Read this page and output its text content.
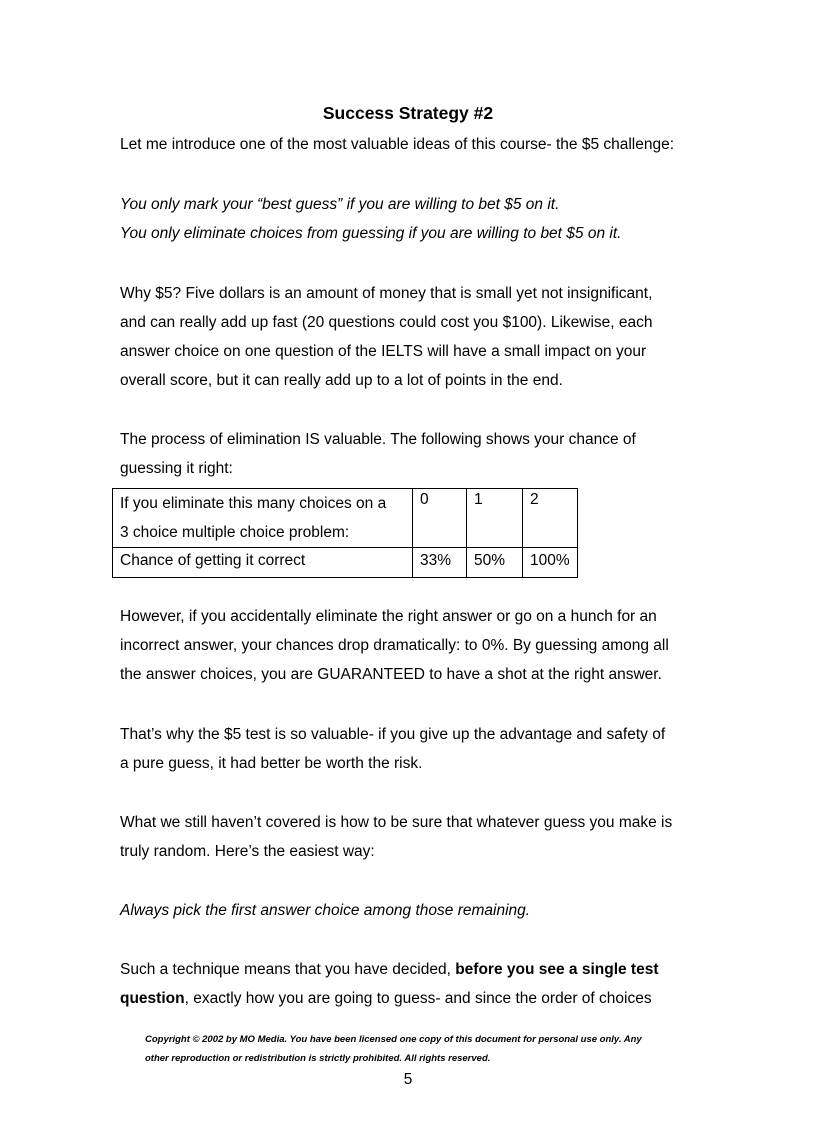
Success Strategy #2
Let me introduce one of the most valuable ideas of this course- the $5 challenge:
You only mark your “best guess” if you are willing to bet $5 on it.
You only eliminate choices from guessing if you are willing to bet $5 on it.
Why $5? Five dollars is an amount of money that is small yet not insignificant,
and can really add up fast (20 questions could cost you $100). Likewise, each
answer choice on one question of the IELTS will have a small impact on your
overall score, but it can really add up to a lot of points in the end.
The process of elimination IS valuable. The following shows your chance of
guessing it right:
If you eliminate this many choices on a
3 choice multiple choice problem:	0	1	2
Chance of getting it correct	33%	50%	100%
However, if you accidentally eliminate the right answer or go on a hunch for an
incorrect answer, your chances drop dramatically: to 0%. By guessing among all
the answer choices, you are GUARANTEED to have a shot at the right answer.
That’s why the $5 test is so valuable- if you give up the advantage and safety of
a pure guess, it had better be worth the risk.
What we still haven’t covered is how to be sure that whatever guess you make is
truly random. Here’s the easiest way:
Always pick the first answer choice among those remaining.
Such a technique means that you have decided, before you see a single test
question, exactly how you are going to guess- and since the order of choices
Copyright © 2002 by MO Media. You have been licensed one copy of this document for personal use only. Any
other reproduction or redistribution is strictly prohibited. All rights reserved.
5
